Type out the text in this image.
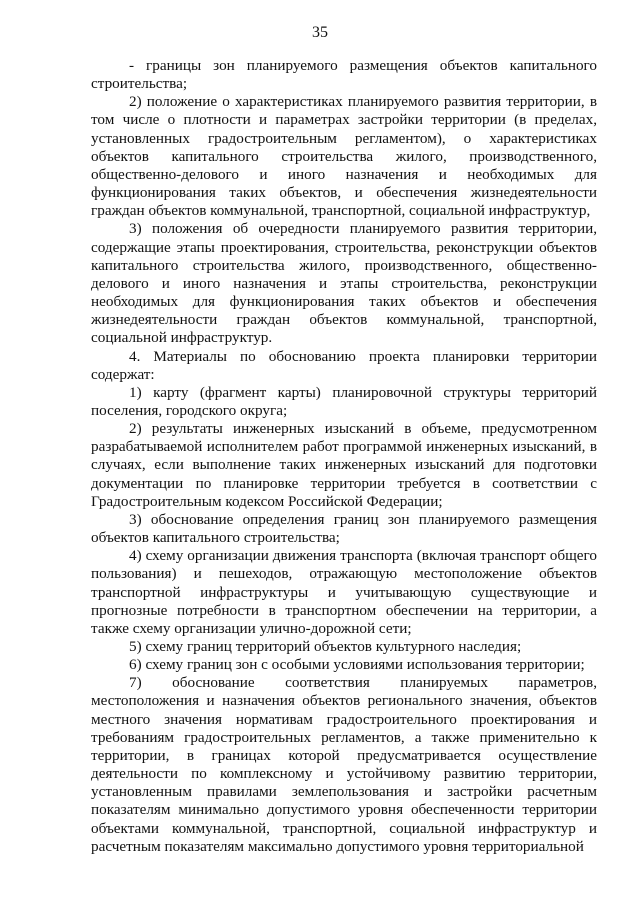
35

- границы зон планируемого размещения объектов капитального строительства;

2) положение о характеристиках планируемого развития территории, в том числе о плотности и параметрах застройки территории (в пределах, установленных градостроительным регламентом), о характеристиках объектов капитального строительства жилого, производственного, общественно-делового и иного назначения и необходимых для функционирования таких объектов, и обеспечения жизнедеятельности граждан объектов коммунальной, транспортной, социальной инфраструктур,

3) положения об очередности планируемого развития территории, содержащие этапы проектирования, строительства, реконструкции объектов капитального строительства жилого, производственного, общественно-делового и иного назначения и этапы строительства, реконструкции необходимых для функционирования таких объектов и обеспечения жизнедеятельности граждан объектов коммунальной, транспортной, социальной инфраструктур.

4. Материалы по обоснованию проекта планировки территории содержат:

1) карту (фрагмент карты) планировочной структуры территорий поселения, городского округа;

2) результаты инженерных изысканий в объеме, предусмотренном разрабатываемой исполнителем работ программой инженерных изысканий, в случаях, если выполнение таких инженерных изысканий для подготовки документации по планировке территории требуется в соответствии с Градостроительным кодексом Российской Федерации;

3) обоснование определения границ зон планируемого размещения объектов капитального строительства;

4) схему организации движения транспорта (включая транспорт общего пользования) и пешеходов, отражающую местоположение объектов транспортной инфраструктуры и учитывающую существующие и прогнозные потребности в транспортном обеспечении на территории, а также схему организации улично-дорожной сети;

5) схему границ территорий объектов культурного наследия;

6) схему границ зон с особыми условиями использования территории;

7) обоснование соответствия планируемых параметров, местоположения и назначения объектов регионального значения, объектов местного значения нормативам градостроительного проектирования и требованиям градостроительных регламентов, а также применительно к территории, в границах которой предусматривается осуществление деятельности по комплексному и устойчивому развитию территории, установленным правилами землепользования и застройки расчетным показателям минимально допустимого уровня обеспеченности территории объектами коммунальной, транспортной, социальной инфраструктур и расчетным показателям максимально допустимого уровня территориальной
